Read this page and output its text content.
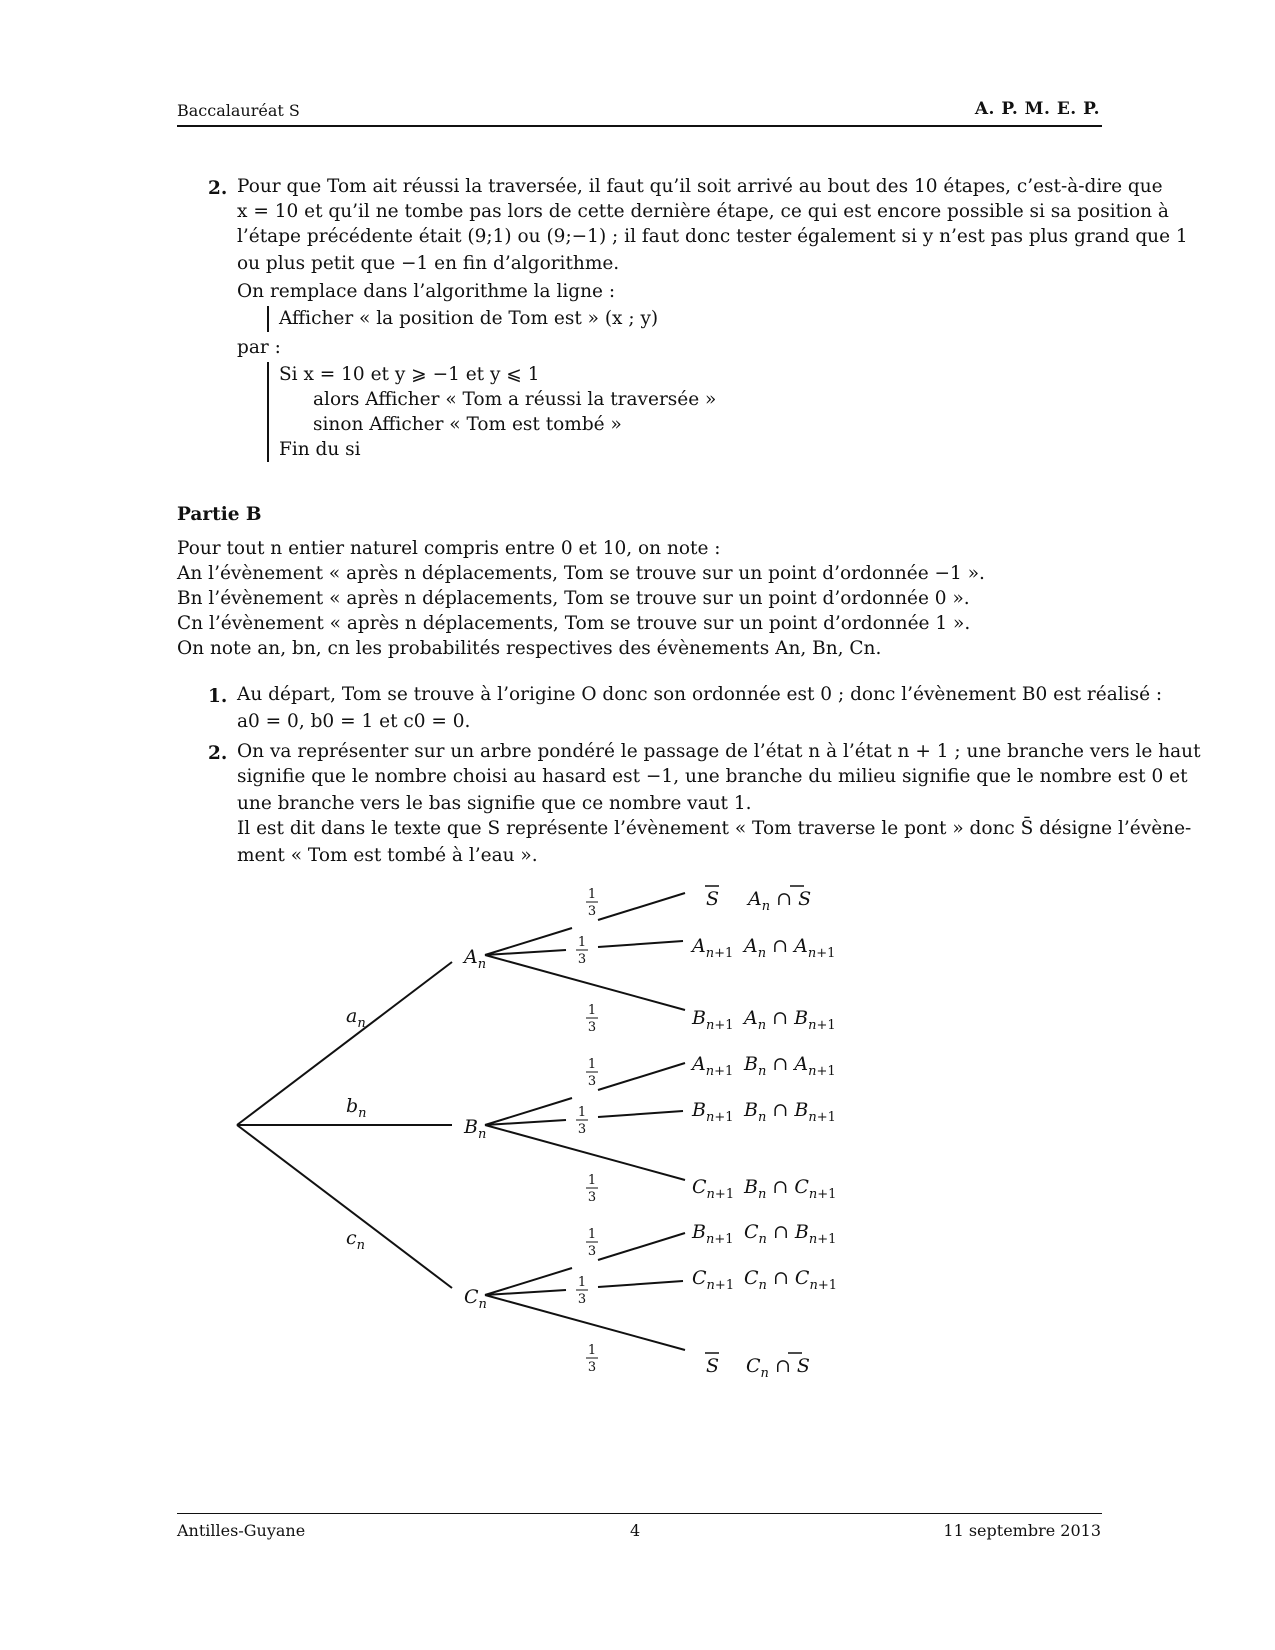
Baccalauréat S	A. P. M. E. P.
2. Pour que Tom ait réussi la traversée, il faut qu’il soit arrivé au bout des 10 étapes, c’est-à-dire que
x = 10 et qu’il ne tombe pas lors de cette dernière étape, ce qui est encore possible si sa position à
l’étape précédente était (9;1) ou (9;−1) ; il faut donc tester également si y n’est pas plus grand que 1
ou plus petit que −1 en fin d’algorithme.
On remplace dans l’algorithme la ligne :
Afficher « la position de Tom est » (x ; y)
par :
Si x = 10 et y ⩾ −1 et y ⩽ 1
alors Afficher « Tom a réussi la traversée »
sinon Afficher « Tom est tombé »
Fin du si
Partie B
Pour tout n entier naturel compris entre 0 et 10, on note :
An l’évènement « après n déplacements, Tom se trouve sur un point d’ordonnée −1 ».
Bn l’évènement « après n déplacements, Tom se trouve sur un point d’ordonnée 0 ».
Cn l’évènement « après n déplacements, Tom se trouve sur un point d’ordonnée 1 ».
On note an, bn, cn les probabilités respectives des évènements An, Bn, Cn.
1. Au départ, Tom se trouve à l’origine O donc son ordonnée est 0 ; donc l’évènement B0 est réalisé :
a0 = 0, b0 = 1 et c0 = 0.
2. On va représenter sur un arbre pondéré le passage de l’état n à l’état n + 1 ; une branche vers le haut
signifie que le nombre choisi au hasard est −1, une branche du milieu signifie que le nombre est 0 et
une branche vers le bas signifie que ce nombre vaut 1.
Il est dit dans le texte que S représente l’évènement « Tom traverse le pont » donc S̄ désigne l’évène-
ment « Tom est tombé à l’eau ».
$a_n$
$b_n$
$c_n$
$A_n$
$B_n$
$C_n$
1
3
1
3
1
3
1
3
1
3
1
3
1
3
1
3
1
3
S
$A_n+1$
$B_n+1$
$A_n+1$
$B_n+1$
$C_n+1$
$B_n+1$
$C_n+1$
S
$A_n$ ∩ S
$A_n$ ∩ $A_n+1$
$A_n$ ∩ $B_n+1$
$B_n$ ∩ $A_n+1$
$B_n$ ∩ $B_n+1$
$B_n$ ∩ $C_n+1$
$C_n$ ∩ $B_n+1$
$C_n$ ∩ $C_n+1$
$C_n$ ∩ S
Antilles-Guyane	4	11 septembre 2013
